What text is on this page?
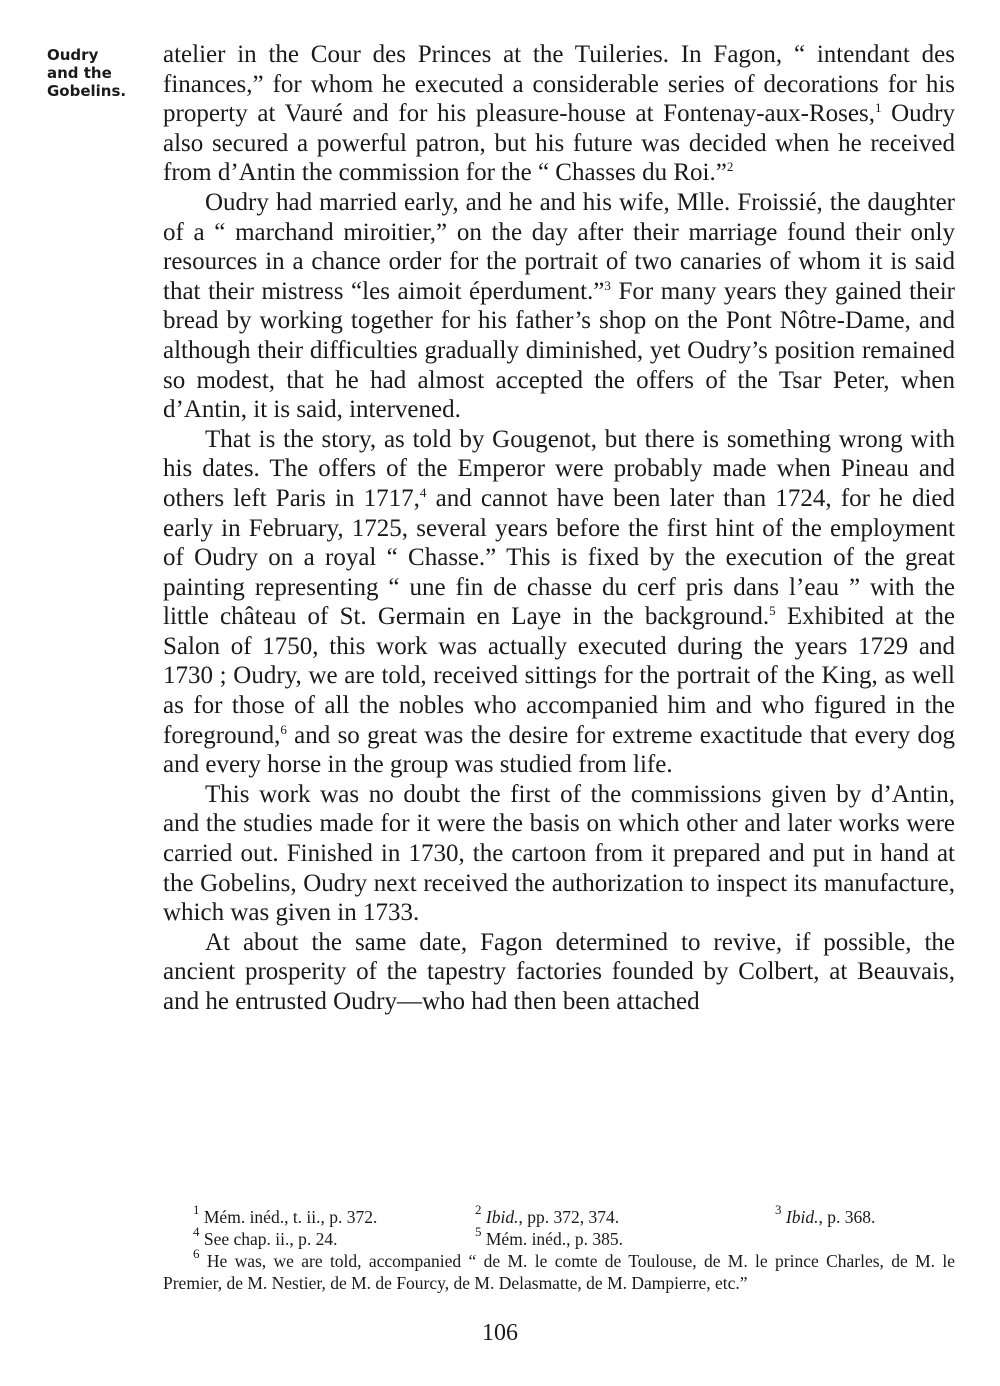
Oudry
and the
Gobelins.

atelier in the Cour des Princes at the Tuileries. In Fagon, “ intendant des finances,” for whom he executed a considerable series of decorations for his property at Vauré and for his pleasure-house at Fontenay-aux-Roses,$^1$ Oudry also secured a powerful patron, but his future was decided when he received from d’Antin the commission for the “ Chasses du Roi.”$^2$

Oudry had married early, and he and his wife, Mlle. Froissié, the daughter of a “ marchand miroitier,” on the day after their marriage found their only resources in a chance order for the portrait of two canaries of whom it is said that their mistress “les aimoit éperdument.”$^3$ For many years they gained their bread by working together for his father’s shop on the Pont Nôtre-Dame, and although their difficulties gradually diminished, yet Oudry’s position remained so modest, that he had almost accepted the offers of the Tsar Peter, when d’Antin, it is said, intervened.

That is the story, as told by Gougenot, but there is something wrong with his dates. The offers of the Emperor were probably made when Pineau and others left Paris in 1717,$^4$ and cannot have been later than 1724, for he died early in February, 1725, several years before the first hint of the employment of Oudry on a royal “ Chasse.” This is fixed by the execution of the great painting representing “ une fin de chasse du cerf pris dans l’eau ” with the little château of St. Germain en Laye in the background.$^5$ Exhibited at the Salon of 1750, this work was actually executed during the years 1729 and 1730 ; Oudry, we are told, received sittings for the portrait of the King, as well as for those of all the nobles who accompanied him and who figured in the foreground,$^6$ and so great was the desire for extreme exactitude that every dog and every horse in the group was studied from life.

This work was no doubt the first of the commissions given by d’Antin, and the studies made for it were the basis on which other and later works were carried out. Finished in 1730, the cartoon from it prepared and put in hand at the Gobelins, Oudry next received the authorization to inspect its manufacture, which was given in 1733.

At about the same date, Fagon determined to revive, if possible, the ancient prosperity of the tapestry factories founded by Colbert, at Beauvais, and he entrusted Oudry—who had then been attached

$^1$ Mém. inéd., t. ii., p. 372.	$^2$ Ibid., pp. 372, 374.	$^3$ Ibid., p. 368.
$^4$ See chap. ii., p. 24.	$^5$ Mém. inéd., p. 385.
$^6$ He was, we are told, accompanied “ de M. le comte de Toulouse, de M. le prince Charles, de M. le Premier, de M. Nestier, de M. de Fourcy, de M. Delasmatte, de M. Dampierre, etc.”
106
